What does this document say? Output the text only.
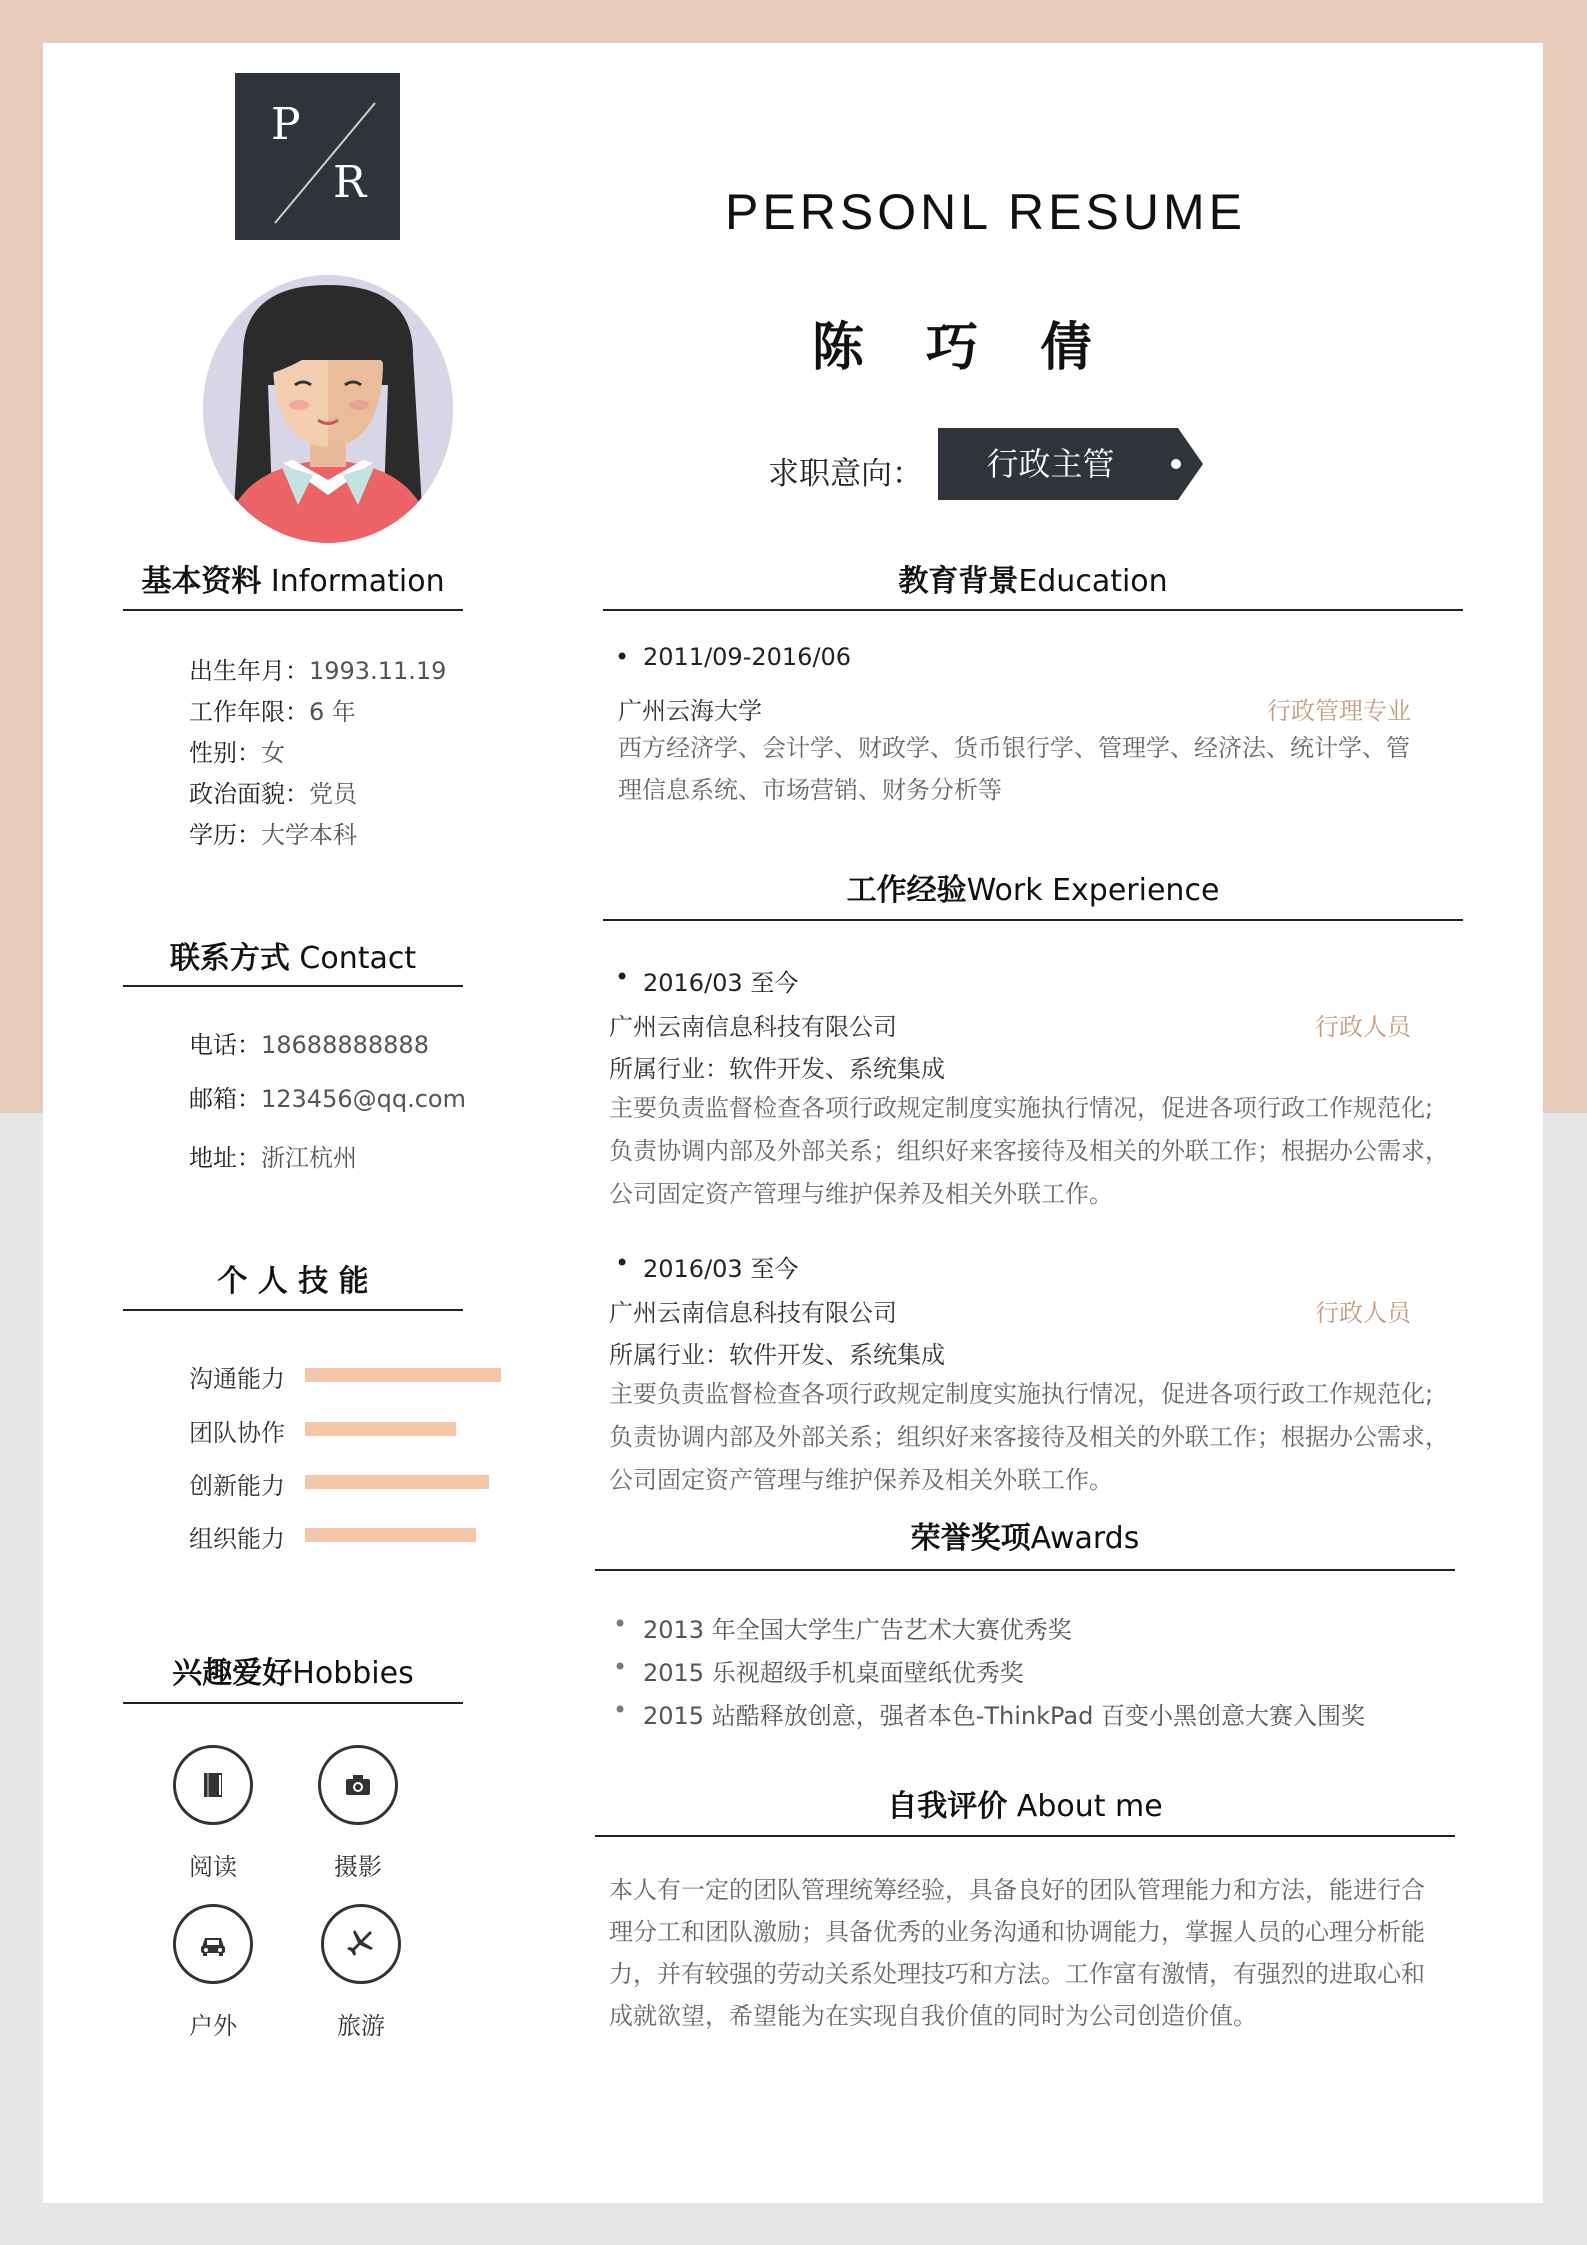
P
R
PERSONL RESUME
陈 巧 倩
求职意向：	行政主管
基本资料 Information
出生年月：1993.11.19
工作年限：6 年
性别：女
政治面貌：党员
学历：大学本科
联系方式 Contact
电话：18688888888
邮箱：123456@qq.com
地址：浙江杭州
个 人 技 能
沟通能力
团队协作
创新能力
组织能力
兴趣爱好Hobbies
阅读	摄影
户外	旅游
教育背景Education
• 2011/09-2016/06
广州云海大学	行政管理专业
西方经济学、会计学、财政学、货币银行学、管理学、经济法、统计学、管
理信息系统、市场营销、财务分析等
工作经验Work Experience
• 2016/03 至今
广州云南信息科技有限公司	行政人员
所属行业：软件开发、系统集成
主要负责监督检查各项行政规定制度实施执行情况，促进各项行政工作规范化;
负责协调内部及外部关系；组织好来客接待及相关的外联工作；根据办公需求，
公司固定资产管理与维护保养及相关外联工作。
• 2016/03 至今
广州云南信息科技有限公司	行政人员
所属行业：软件开发、系统集成
主要负责监督检查各项行政规定制度实施执行情况，促进各项行政工作规范化;
负责协调内部及外部关系；组织好来客接待及相关的外联工作；根据办公需求，
公司固定资产管理与维护保养及相关外联工作。
荣誉奖项Awards
• 2013 年全国大学生广告艺术大赛优秀奖
• 2015 乐视超级手机桌面壁纸优秀奖
• 2015 站酷释放创意，强者本色-ThinkPad 百变小黑创意大赛入围奖
自我评价 About me
本人有一定的团队管理统筹经验，具备良好的团队管理能力和方法，能进行合
理分工和团队激励；具备优秀的业务沟通和协调能力，掌握人员的心理分析能
力，并有较强的劳动关系处理技巧和方法。工作富有激情，有强烈的进取心和
成就欲望，希望能为在实现自我价值的同时为公司创造价值。
